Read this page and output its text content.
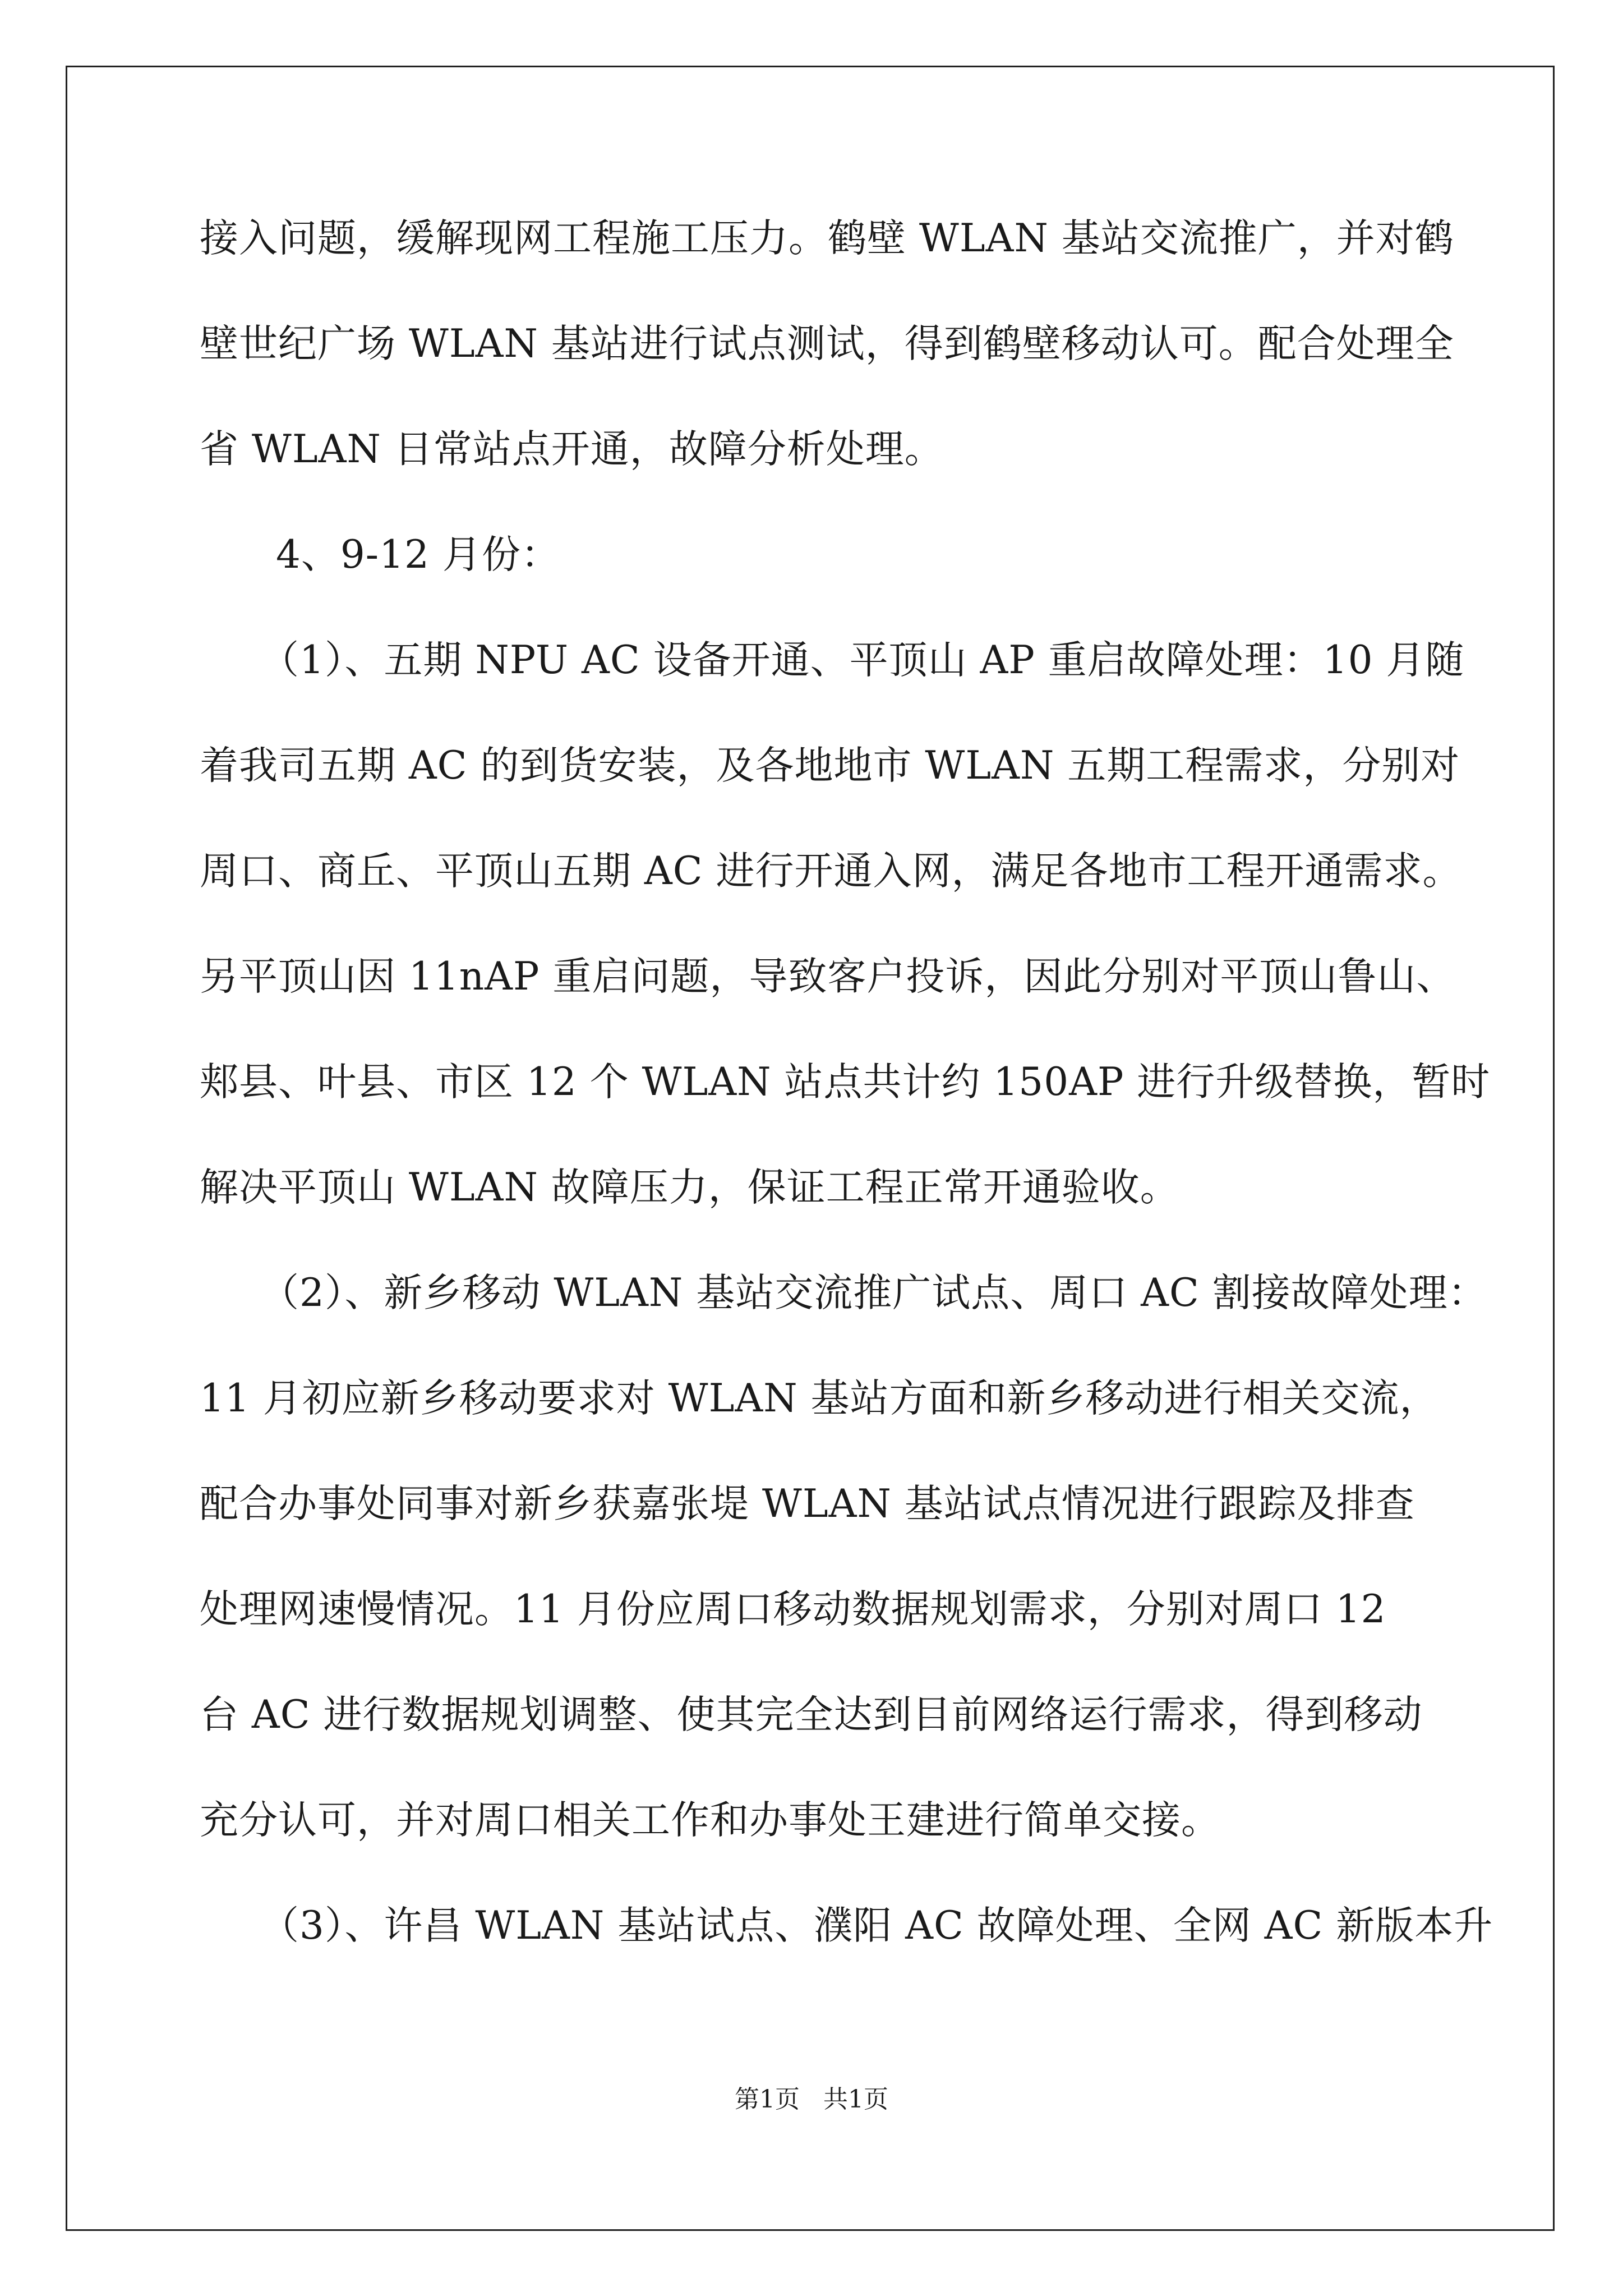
接入问题，缓解现网工程施工压力。鹤壁 WLAN 基站交流推广，并对鹤
壁世纪广场 WLAN 基站进行试点测试，得到鹤壁移动认可。配合处理全
省 WLAN 日常站点开通，故障分析处理。
4、9-12 月份：
（1）、五期 NPU AC 设备开通、平顶山 AP 重启故障处理：10 月随
着我司五期 AC 的到货安装，及各地地市 WLAN 五期工程需求，分别对
周口、商丘、平顶山五期 AC 进行开通入网，满足各地市工程开通需求。
另平顶山因 11nAP 重启问题，导致客户投诉，因此分别对平顶山鲁山、
郏县、叶县、市区 12 个 WLAN 站点共计约 150AP 进行升级替换，暂时
解决平顶山 WLAN 故障压力，保证工程正常开通验收。
（2）、新乡移动 WLAN 基站交流推广试点、周口 AC 割接故障处理：
11 月初应新乡移动要求对 WLAN 基站方面和新乡移动进行相关交流，
配合办事处同事对新乡获嘉张堤 WLAN 基站试点情况进行跟踪及排查
处理网速慢情况。11 月份应周口移动数据规划需求，分别对周口 12
台 AC 进行数据规划调整、使其完全达到目前网络运行需求，得到移动
充分认可，并对周口相关工作和办事处王建进行简单交接。
（3）、许昌 WLAN 基站试点、濮阳 AC 故障处理、全网 AC 新版本升
第1页   共1页
